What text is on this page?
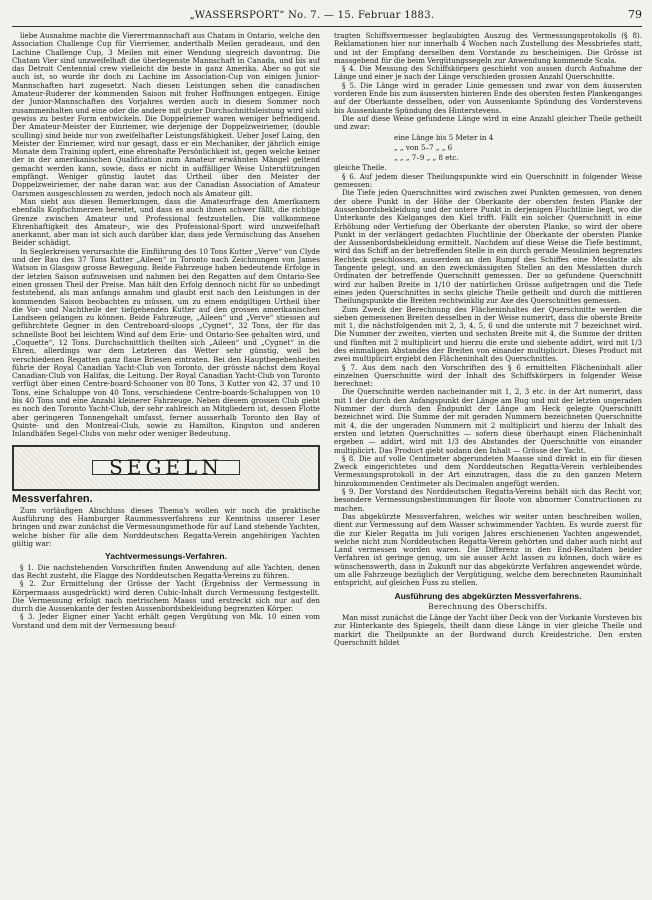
„WASSERSPORT“ No. 7. — 15. Februar 1883.	79

liebe Ausnahme machte die Viererrmannschaft aus Chatam in Ontario, welche den Association Challenge Cup für Vierriemer, anderthalb Meilen geradeaus, und den Lachine Challenge Cup, 3 Meilen mit einer Wendung siegreich davontrug. Die Chatam Vier sind unzweifelhaft die überlegenste Mannschaft in Canada, und bis auf das Detroit Centennial crew vielleicht die beste in ganz Amerika. Aber so gut sie auch ist, so wurde ihr doch zu Lachine im Association-Cup von einigen Junior-Mannschaften hart zugesetzt. Nach diesen Leistungen sehen die canadischen Amateur-Ruderer der kommenden Saison mit froher Hoffnungen entgegen. Einige der Junior-Mannschaften des Vorjahres werden auch in diesem Sommer noch zusammenhalten und eine oder die andere mit guter Durchschnittsleistung wird sich gewiss zu bester Form entwickeln. Die Doppelriemer waren weniger befriedigend. Der Amateur-Meister der Einriemer, wie derjenige der Doppelzweiriemer, (double sculling) sind beide nur von zweifelhafter Leistungsfähigkeit. Ueber Josef Laing, den Meister der Einriemer, wird nur gesagt, dass er ein Mechaniker, der jährlich einige Monate dem Training opfert, eine ehrenhafte Persönlichkeit ist, gegen welche keiner der in der amerikanischen Qualification zum Amateur erwähnten Mängel geltend gemacht werden kann, sowie, dass er nicht in auffälliger Weise Unterstützungen empfängt. Weniger günstig lautet das Urtheil über den Meister der Doppelzweiriemer, der nahe daran war, aus der Canadian Association of Amateur Oarsmen ausgeschlossen zu werden, jedoch noch als Amateur gilt.

Man sieht aus diesen Bemerkungen, dass die Amateurfrage den Amerikanern ebenfalls Kopfschmerzen bereitet, und dass es auch ihnen schwer fällt, die richtige Grenze zwischen Amateur und Professional festzustellen. Die vollkommene Ehrenhaftigkeit des Amateur-, wie des Professional-Sport wird unzweifelhaft anerkannt, aber man ist sich auch darüber klar, dass jede Vermischung das Ansehen Beider schädigt.

In Seglerkreisen verursachte die Einführung des 10 Tons Kutter „Verve“ von Clyde und der Bau des 37 Tons Kutter „Aileen“ in Toronto nach Zeichnungen von James Watson in Glasgow grosse Bewegung. Beide Fahrzeuge haben bedeutende Erfolge in der letzten Saison aufzuweisen und nahmen bei den Regatten auf dem Ontario-See einen grossen Theil der Preise. Man hält den Erfolg dennoch nicht für so unbedingt feststehend, als man anfangs annahm und glaubt erst nach den Leistungen in der kommenden Saison beobachten zu müssen, um zu einem endgiltigen Urtheil über die Vor- und Nachtheile der tiefgehenden Kutter auf den grossen amerikanischen Landseen gelangen zu können. Beide Fahrzeuge, „Aileen“ und „Verve“ stiessen auf geführchtete Gegner in den Centreboard-sloops „Cygnet“, 32 Tons, der für das schnellste Boot bei leichtem Wind auf dem Erie- und Ontario-See gehalten wird, und „Coquette“, 12 Tons. Durchschnittlich theilten sich „Aileen“ und „Cygnet“ in die Ehren, allerdings war dem Letzteren das Wetter sehr günstig, weil bei verschiedenen Regatten ganz flaue Briesen eintraten. Bei den Hauptbegebenheiten führte der Royal Canadian Yacht-Club von Toronto, der grösste nächst dem Royal Canadian-Club von Halifax, die Leitung. Der Royal Canadian Yacht-Club von Toronto verfügt über einen Centre-board-Schooner von 80 Tons, 3 Kutter von 42, 37 und 10 Tons, eine Schaluppe von 40 Tons, verschiedene Centre-boards-Schaluppen von 10 bis 40 Tons und eine Anzahl kleinerer Fahrzeuge. Neben diesem grossen Club giebt es noch den Toronto Yacht-Club, der sehr zahlreich an Mitgliedern ist, dessen Flotte aber geringeren Tonnengehalt umfasst, ferner ausserhalb Toronto den Bay of Quinte- und den Montreal-Club, sowie zu Hamilton, Kingston und anderen Inlandhäfen Segel-Clubs von mehr oder weniger Bedeutung.

SEGELN
Messverfahren.

Zum vorläufigen Abschluss dieses Thema's wollen wir noch die praktische Ausführung des Hamburger Raummessverfahrens zur Kenntniss unserer Leser bringen und zwar zunächst die Vermessungsmethode für auf Land stehende Yachten, welche bisher für alle dem Norddeutschen Regatta-Verein angehörigen Yachten gültig war:

Yachtvermessungs-Verfahren.

§ 1. Die nachstehenden Vorschriften finden Anwendung auf alle Yachten, denen das Recht zusteht, die Flagge des Norddeutschen Regatta-Vereins zu führen.

§ 2. Zur Ermittelung der Grösse der Yacht (Ergebniss der Vermessung in Körpermaass ausgedrückt) wird deren Cubic-Inhalt durch Vermessung festgestellt. Die Vermessung erfolgt nach metrischem Maass und erstreckt sich nur auf den durch die Aussenkante der festen Aussenbordsbekleidung begrenzten Körper.

§ 3. Jeder Eigner einer Yacht erhält gegen Vergütung von Mk. 10 einen vom Vorstand und dem mit der Vermessung beauf-

tragten Schiffsvermesser beglaubigten Auszug des Vermessungsprotokolls (§ 8). Reklamationen hier nur innerhalb 4 Wochen nach Zustellung des Messbriefes statt, und ist der Empfang derselben dem Vorstande zu bescheinigen. Die Grösse ist massgebend für die beim Vergütungssegeln zur Anwendung kommende Scala.

§ 4. Die Messung des Schiffskörpers geschieht von aussen durch Aufnahme der Länge und einer je nach der Länge verschieden grossen Anzahl Querschnitte.

§ 5. Die Länge wird in gerader Linie gemessen und zwar von dem äussersten vorderen Ende bis zum äussersten hinteren Ende des obersten festen Plankenganges auf der Oberkante desselben, oder von Aussenkante Spündung des Vorderstevens bis Aussenkante Spündung des Hinterstevens.

Die auf diese Weise gefundene Länge wird in eine Anzahl gleicher Theile getheilt und zwar:

eine Länge bis 5 Meter in 4
„ „ von 5–7 „ „ 6
„ „ „ 7–9 „ „ 8 etc.

gleiche Theile.

§ 6. Auf jedem dieser Theilungspunkte wird ein Querschnitt in folgender Weise gemessen:

Die Tiefe jeden Querschnittes wird zwischen zwei Punkten gemessen, von denen der obere Punkt in der Höhe der Oberkante der obersten festen Planke der Aussenbordsbekleidung und der untere Punkt in derjenigen Fluchtlinie liegt, wo die Unterkante des Kielganges den Kiel trifft. Fällt ein solcher Querschnitt in eine Erhöhung oder Vertiefung der Oberkante der obersten Planke, so wird der obere Punkt in der verlängert gedachten Fluchtlinie der Oberkante der obersten Planke der Aussenbordsbekleidung ermittelt. Nachdem auf diese Weise die Tiefe bestimmt, wird das Schiff an der betreffenden Stelle in ein durch gerade Messlinien begrenztes Rechteck geschlossen, ausserdem an den Rumpf des Schiffes eine Messlatte als Tangente gelegt, und an den zweckmässigsten Stellen an den Messlatten durch Ordinaten der betreffende Querschnitt gemessen. Der so gefundene Querschnitt wird zur halben Breite in 1/10 der natürlichen Grösse aufgetragen und die Tiefe eines jeden Querschnittes in sechs gleiche Theile getheilt und durch die mittleren Theilungspunkte die Breiten rechtwinklig zur Axe des Querschnittes gemessen.

Zum Zweck der Berechnung des Flächeninhaltes der Querschnitte werden die sieben gemessenen Breiten desselben in der Weise numerirt, dass die oberste Breite mit 1, die nächstfolgenden mit 2, 3, 4, 5, 6 und die unterste mit 7 bezeichnet wird. Die Nummer der zweiten, vierten und sechsten Breite mit 4, die Summe der dritten und fünften mit 2 multiplicirt und hierzu die erste und siebente addirt, wird mit 1/3 des einmaligen Abstandes der Breiten von einander multiplicirt. Dieses Product mit zwei multiplicirt ergiebt den Flächeninhalt des Querschnittes.

§ 7. Aus dem nach den Vorschriften des § 6 ermittelten Flächeninhalt aller einzelnen Querschnitte wird der Inhalt des Schiffskörpers in folgender Weise berechnet:

Die Querschnitte werden nacheinander mit 1, 2, 3 etc. in der Art numerirt, dass mit 1 der durch den Anfangspunkt der Länge am Bug und mit der letzten ungeraden Nummer der durch den Endpunkt der Länge am Heck gelegte Querschnitt bezeichnet wird. Die Summe der mit geraden Nummern bezeichneten Querschnitte mit 4, die der ungeraden Nummern mit 2 multiplicirt und hierzu der Inhalt des ersten und letzten Querschnittes — sofern diese überhaupt einen Flächeninhalt ergeben — addirt, wird mit 1/3 des Abstandes der Querschnitte von einander multiplicirt. Das Product giebt sodann den Inhalt — Grösse der Yacht.

§ 8. Die auf volle Centimeter abgerundeten Maasse sind direkt in ein für diesen Zweck eingerichtetes und dem Norddeutschen Regatta-Verein verbleibendes Vermessungsprotokoll in der Art einzutragen, dass die zu den ganzen Metern hinzukommenden Centimeter als Decimalen angefügt werden.

§ 9. Der Vorstand des Norddeutschen Regatta-Vereins behält sich das Recht vor, besondere Vermessungsbestimmungen für Boote von abnormer Constructionen zu machen.

Das abgekürzte Messverfahren, welches wir weiter unten beschreiben wollen, dient zur Vermessung auf dem Wasser schwimmender Yachten. Es wurde zuerst für die zur Kieler Regatta im Juli vorigen Jahres erschienenen Yachten angewendet, welche nicht zum Norddeutschen Regatta-Verein gehörten und daher auch nicht auf Land vermessen worden waren. Die Differenz in den End-Resultaten beider Verfahren ist geringe genug, um sie ausser Acht lassen zu können, doch wäre es wünschenswerth, dass in Zukunft nur das abgekürzte Verfahren angewendet würde, um alle Fahrzeuge bezüglich der Vergütigung, welche dem berechneten Rauminhalt entspricht, auf gleichen Fuss zu stellen.

Ausführung des abgekürzten Messverfahrens.
Berechnung des Oberschiffs.

Man misst zunächst die Länge der Yacht über Deck von der Vorkante Vorsteven bis zur Hinterkante des Spiegels, theilt dann diese Länge in vier gleiche Theile und markirt die Theilpunkte an der Bordwand durch Kreidestriche. Den ersten Querschnitt bildet
